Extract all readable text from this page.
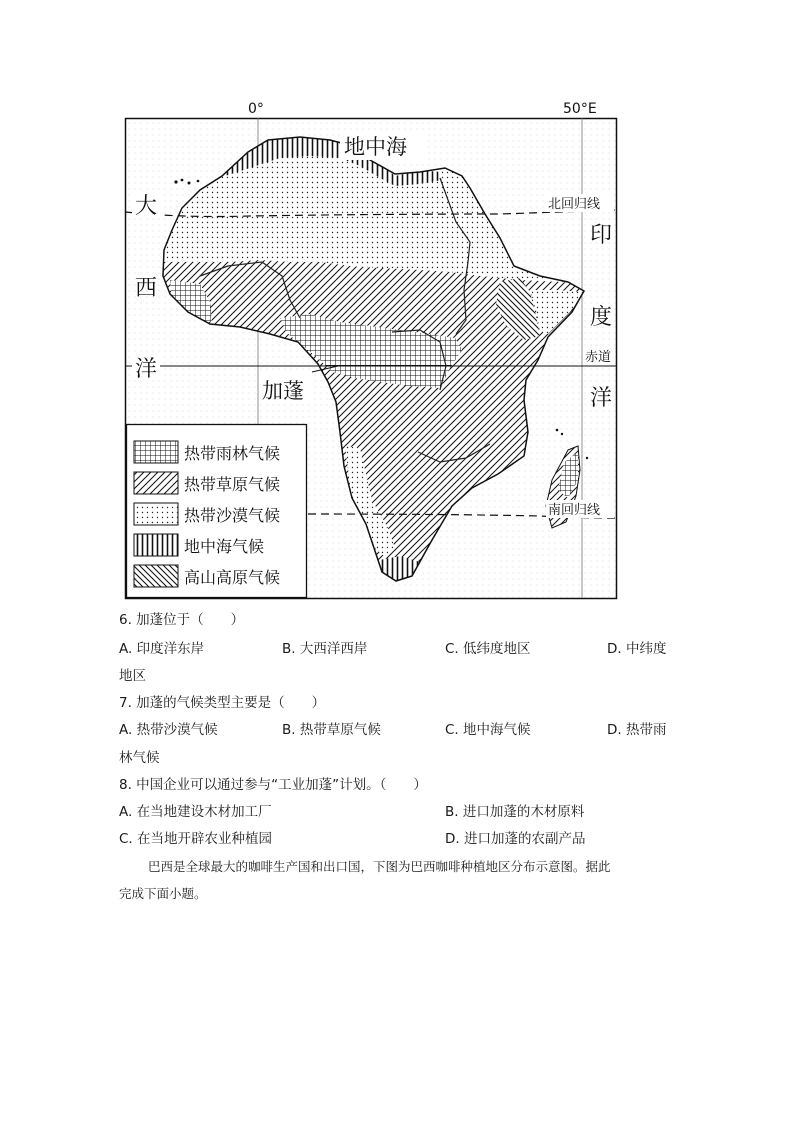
0°	50°E
地中海
大
西
洋
印
度
洋
北回归线
赤道
南回归线
加蓬
热带雨林气候
热带草原气候
热带沙漠气候
地中海气候
高山高原气候
6. 加蓬位于（　　）
A. 印度洋东岸	B. 大西洋西岸	C. 低纬度地区	D. 中纬度
地区
7. 加蓬的气候类型主要是（　　）
A. 热带沙漠气候	B. 热带草原气候	C. 地中海气候	D. 热带雨
林气候
8. 中国企业可以通过参与“工业加蓬”计划。（　　）
A. 在当地建设木材加工厂	B. 进口加蓬的木材原料
C. 在当地开辟农业种植园	D. 进口加蓬的农副产品
巴西是全球最大的咖啡生产国和出口国，下图为巴西咖啡种植地区分布示意图。据此
完成下面小题。
